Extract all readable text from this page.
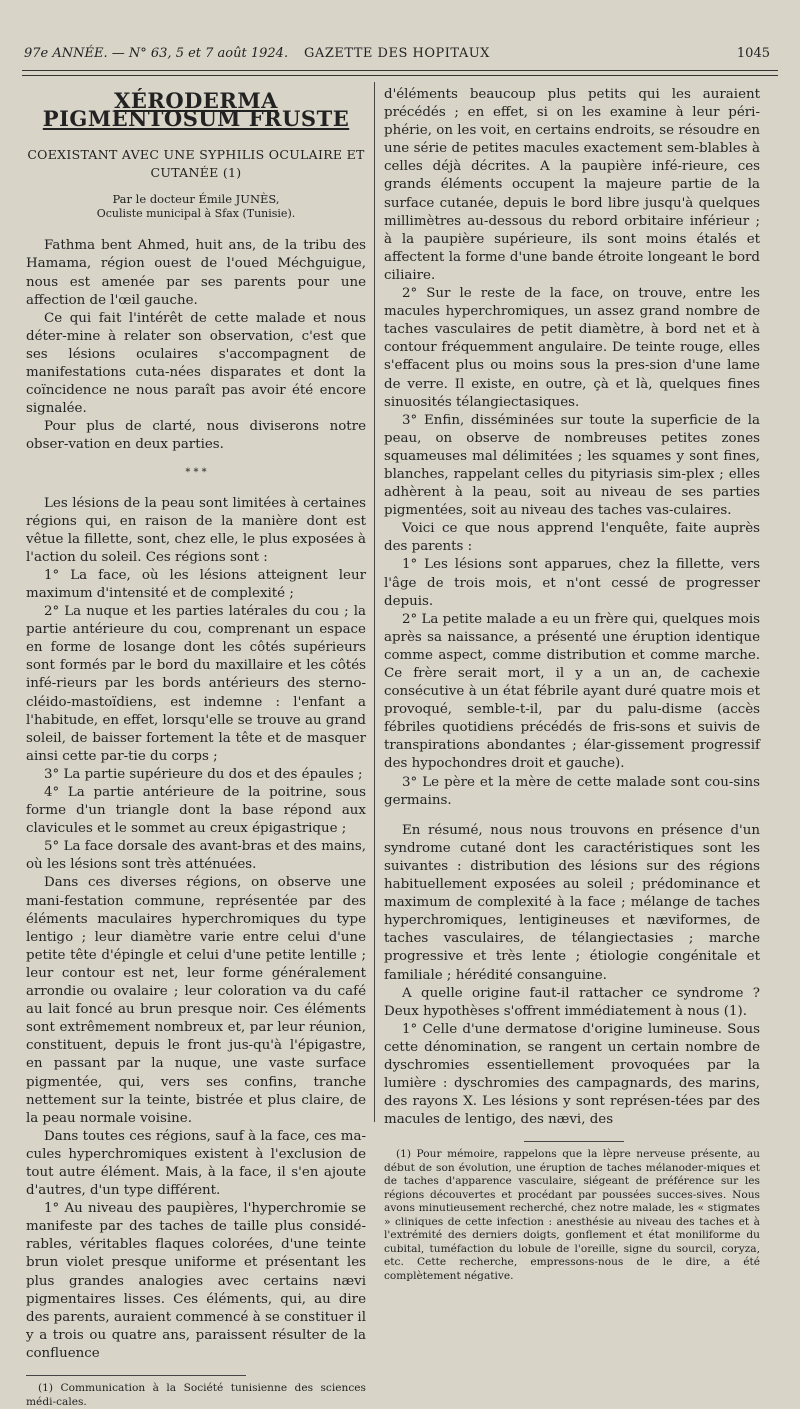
97e ANNÉE. — N° 63, 5 et 7 août 1924.	GAZETTE DES HOPITAUX	1045
XÉRODERMA PIGMENTOSUM FRUSTE
COEXISTANT AVEC UNE SYPHILIS OCULAIRE ET CUTANÉE (1)

Par le docteur Émile JUNÈS,

Oculiste municipal à Sfax (Tunisie).

Fathma bent Ahmed, huit ans, de la tribu des Hamama, région ouest de l'oued Méchguigue, nous est amenée par ses parents pour une affection de l'œil gauche.

Ce qui fait l'intérêt de cette malade et nous déter-mine à relater son observation, c'est que ses lésions oculaires s'accompagnent de manifestations cuta-nées disparates et dont la coïncidence ne nous paraît pas avoir été encore signalée.

Pour plus de clarté, nous diviserons notre obser-vation en deux parties.

* * *

Les lésions de la peau sont limitées à certaines régions qui, en raison de la manière dont est vêtue la fillette, sont, chez elle, le plus exposées à l'action du soleil. Ces régions sont :

1° La face, où les lésions atteignent leur maximum d'intensité et de complexité ;

2° La nuque et les parties latérales du cou ; la partie antérieure du cou, comprenant un espace en forme de losange dont les côtés supérieurs sont formés par le bord du maxillaire et les côtés infé-rieurs par les bords antérieurs des sterno-cléido-mastoïdiens, est indemne : l'enfant a l'habitude, en effet, lorsqu'elle se trouve au grand soleil, de baisser fortement la tête et de masquer ainsi cette par-tie du corps ;

3° La partie supérieure du dos et des épaules ;

4° La partie antérieure de la poitrine, sous forme d'un triangle dont la base répond aux clavicules et le sommet au creux épigastrique ;

5° La face dorsale des avant-bras et des mains, où les lésions sont très atténuées.

Dans ces diverses régions, on observe une mani-festation commune, représentée par des éléments maculaires hyperchromiques du type lentigo ; leur diamètre varie entre celui d'une petite tête d'épingle et celui d'une petite lentille ; leur contour est net, leur forme généralement arrondie ou ovalaire ; leur coloration va du café au lait foncé au brun presque noir. Ces éléments sont extrêmement nombreux et, par leur réunion, constituent, depuis le front jus-qu'à l'épigastre, en passant par la nuque, une vaste surface pigmentée, qui, vers ses confins, tranche nettement sur la teinte, bistrée et plus claire, de la peau normale voisine.

Dans toutes ces régions, sauf à la face, ces ma-cules hyperchromiques existent à l'exclusion de tout autre élément. Mais, à la face, il s'en ajoute d'autres, d'un type différent.

1° Au niveau des paupières, l'hyperchromie se manifeste par des taches de taille plus considé-rables, véritables flaques colorées, d'une teinte brun violet presque uniforme et présentant les plus grandes analogies avec certains nævi pigmentaires lisses. Ces éléments, qui, au dire des parents, auraient commencé à se constituer il y a trois ou quatre ans, paraissent résulter de la confluence

(1) Communication à la Société tunisienne des sciences médi-cales.

d'éléments beaucoup plus petits qui les auraient précédés ; en effet, si on les examine à leur péri-phérie, on les voit, en certains endroits, se résoudre en une série de petites macules exactement sem-blables à celles déjà décrites. A la paupière infé-rieure, ces grands éléments occupent la majeure partie de la surface cutanée, depuis le bord libre jusqu'à quelques millimètres au-dessous du rebord orbitaire inférieur ; à la paupière supérieure, ils sont moins étalés et affectent la forme d'une bande étroite longeant le bord ciliaire.

2° Sur le reste de la face, on trouve, entre les macules hyperchromiques, un assez grand nombre de taches vasculaires de petit diamètre, à bord net et à contour fréquemment angulaire. De teinte rouge, elles s'effacent plus ou moins sous la pres-sion d'une lame de verre. Il existe, en outre, çà et là, quelques fines sinuosités télangiectasiques.

3° Enfin, disséminées sur toute la superficie de la peau, on observe de nombreuses petites zones squameuses mal délimitées ; les squames y sont fines, blanches, rappelant celles du pityriasis sim-plex ; elles adhèrent à la peau, soit au niveau de ses parties pigmentées, soit au niveau des taches vas-culaires.

Voici ce que nous apprend l'enquête, faite auprès des parents :

1° Les lésions sont apparues, chez la fillette, vers l'âge de trois mois, et n'ont cessé de progresser depuis.

2° La petite malade a eu un frère qui, quelques mois après sa naissance, a présenté une éruption identique comme aspect, comme distribution et comme marche. Ce frère serait mort, il y a un an, de cachexie consécutive à un état fébrile ayant duré quatre mois et provoqué, semble-t-il, par du palu-disme (accès fébriles quotidiens précédés de fris-sons et suivis de transpirations abondantes ; élar-gissement progressif des hypochondres droit et gauche).

3° Le père et la mère de cette malade sont cou-sins germains.

En résumé, nous nous trouvons en présence d'un syndrome cutané dont les caractéristiques sont les suivantes : distribution des lésions sur des régions habituellement exposées au soleil ; prédominance et maximum de complexité à la face ; mélange de taches hyperchromiques, lentigineuses et næviformes, de taches vasculaires, de télangiectasies ; marche progressive et très lente ; étiologie congénitale et familiale ; hérédité consanguine.

A quelle origine faut-il rattacher ce syndrome ? Deux hypothèses s'offrent immédiatement à nous (1).

1° Celle d'une dermatose d'origine lumineuse. Sous cette dénomination, se rangent un certain nombre de dyschromies essentiellement provoquées par la lumière : dyschromies des campagnards, des marins, des rayons X. Les lésions y sont représen-tées par des macules de lentigo, des nævi, des

(1) Pour mémoire, rappelons que la lèpre nerveuse présente, au début de son évolution, une éruption de taches mélanoder-miques et de taches d'apparence vasculaire, siégeant de préférence sur les régions découvertes et procédant par poussées succes-sives. Nous avons minutieusement recherché, chez notre malade, les « stigmates » cliniques de cette infection : anesthésie au niveau des taches et à l'extrémité des derniers doigts, gonflement et état moniliforme du cubital, tuméfaction du lobule de l'oreille, signe du sourcil, coryza, etc. Cette recherche, empressons-nous de le dire, a été complètement négative.
